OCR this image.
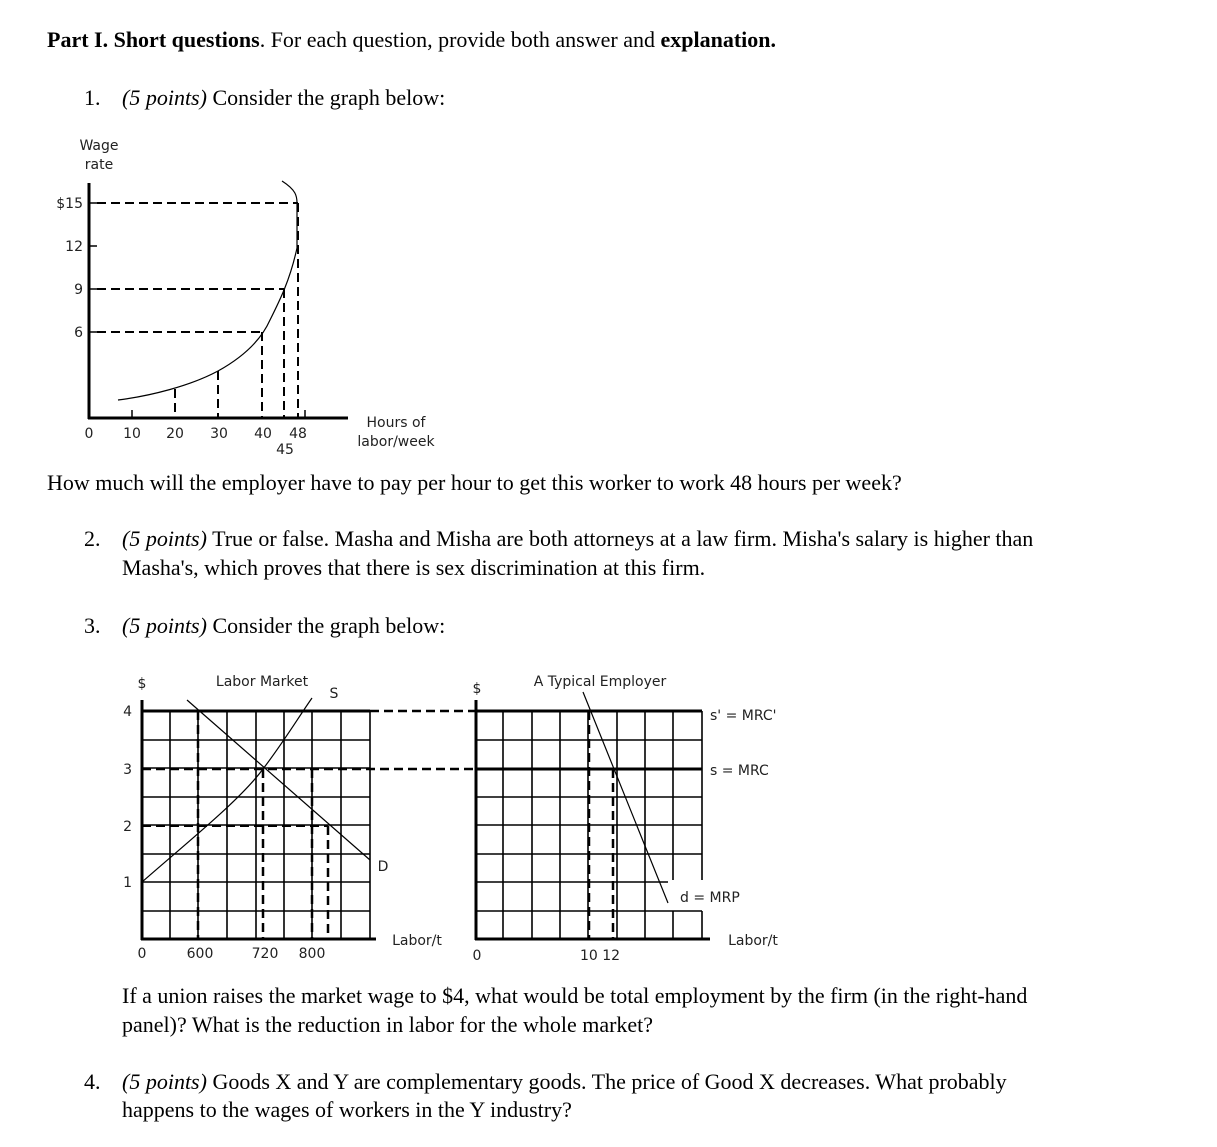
Part I. Short questions. For each question, provide both answer and explanation.
1. (5 points) Consider the graph below:
Wage
rate
$15
12
9
6
0 10 20 30 40 48
45
Hours of
labor/week
$	Labor Market
S
4
3
2
1
D
Labor/t
0	600	720 800
$	A Typical Employer
s' = MRC'
s = MRC
d = MRP
Labor/t
0	10 12
How much will the employer have to pay per hour to get this worker to work 48 hours per week?
2. (5 points) True or false. Masha and Misha are both attorneys at a law firm. Misha's salary is higher than
Masha's, which proves that there is sex discrimination at this firm.
3. (5 points) Consider the graph below:
If a union raises the market wage to $4, what would be total employment by the firm (in the right-hand
panel)? What is the reduction in labor for the whole market?
4. (5 points) Goods X and Y are complementary goods. The price of Good X decreases. What probably
happens to the wages of workers in the Y industry?
